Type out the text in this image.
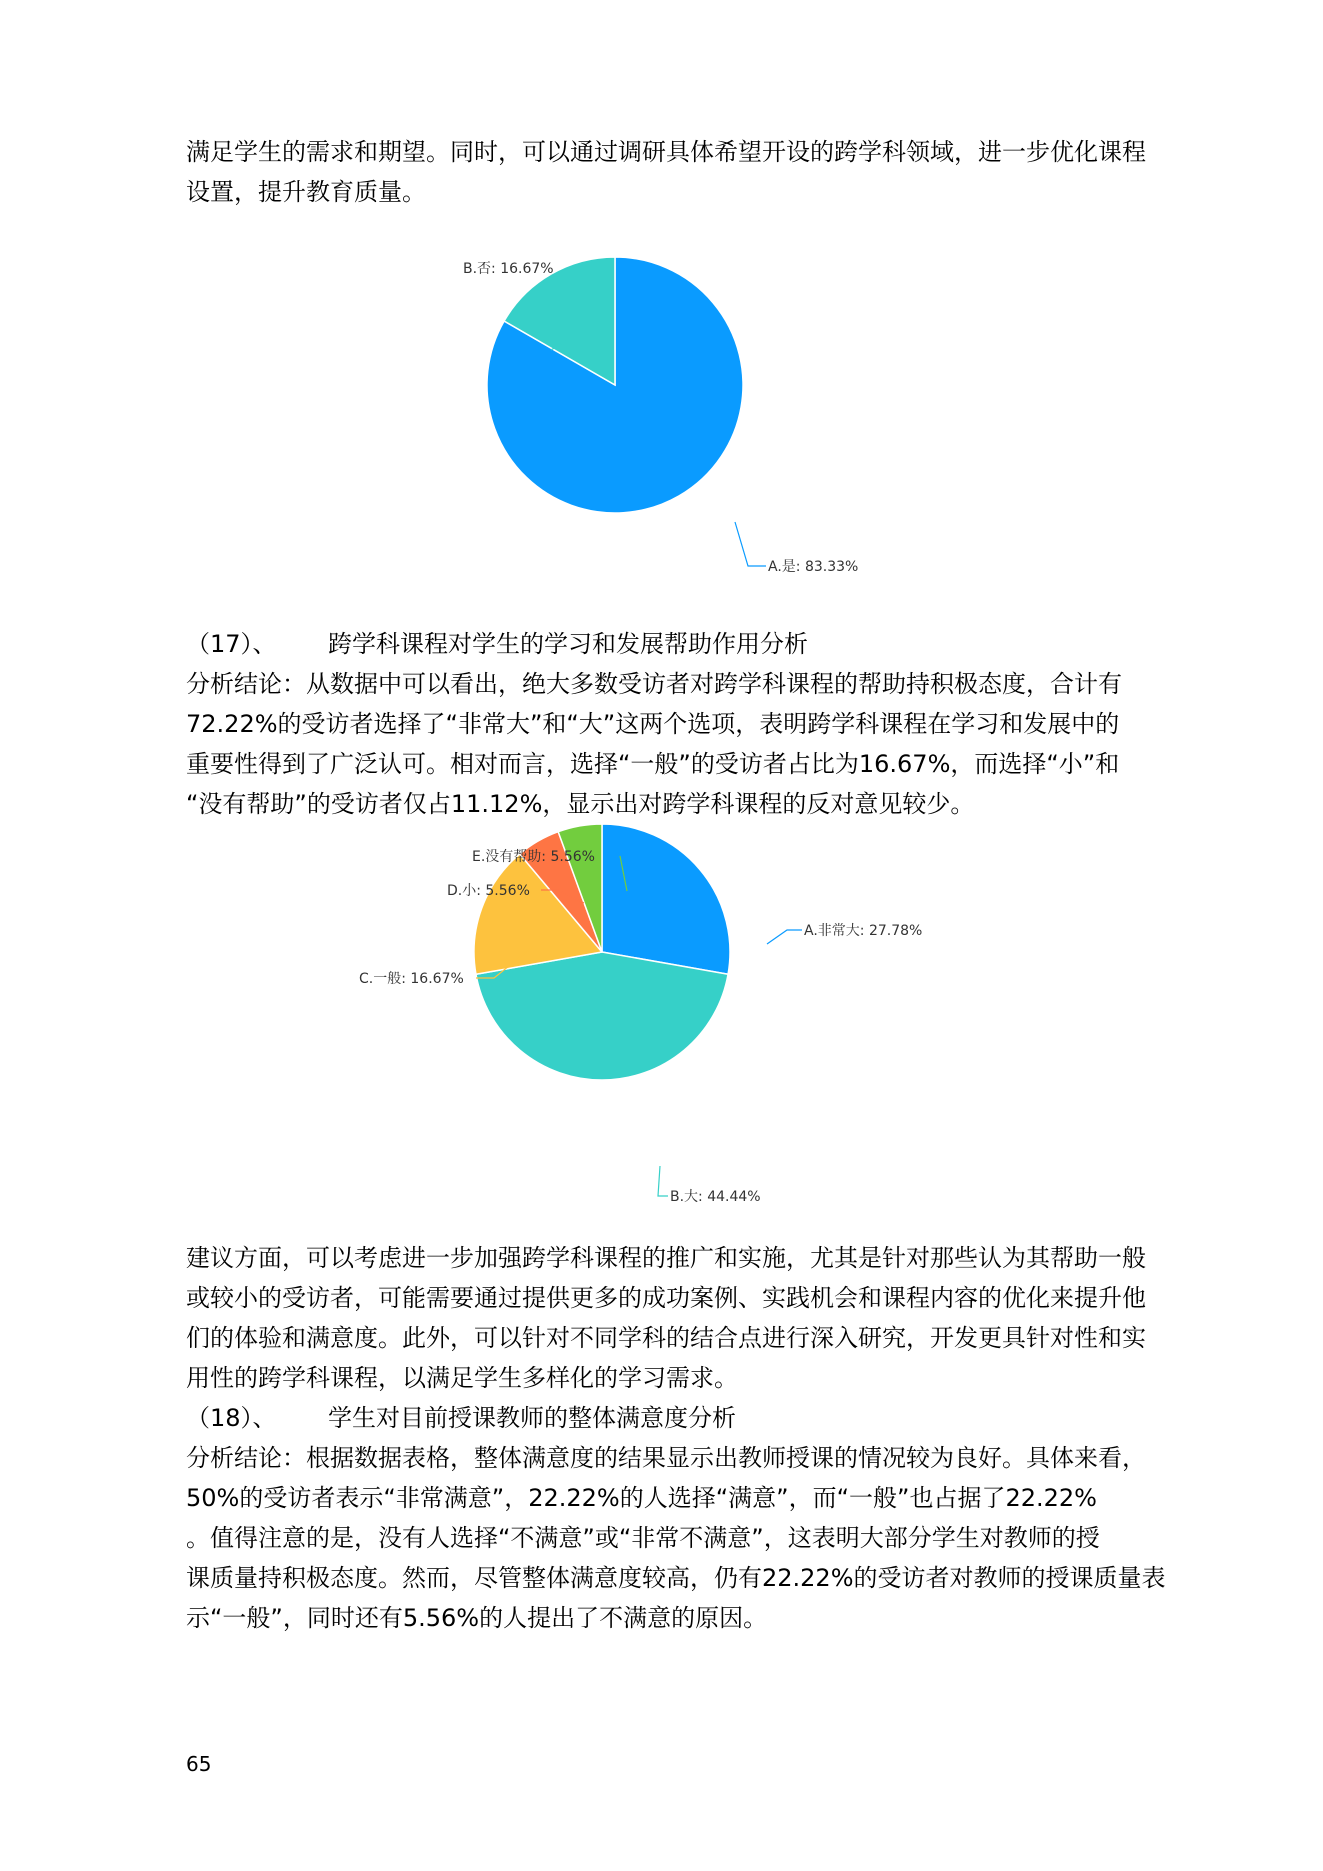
满足学生的需求和期望。同时，可以通过调研具体希望开设的跨学科领域，进一步优化课程
设置，提升教育质量。
B.否: 16.67%
A.是: 83.33%
（17）、 跨学科课程对学生的学习和发展帮助作用分析
分析结论：从数据中可以看出，绝大多数受访者对跨学科课程的帮助持积极态度，合计有
72.22%的受访者选择了“非常大”和“大”这两个选项，表明跨学科课程在学习和发展中的
重要性得到了广泛认可。相对而言，选择“一般”的受访者占比为16.67%，而选择“小”和
“没有帮助”的受访者仅占11.12%，显示出对跨学科课程的反对意见较少。
A.非常大: 27.78%
B.大: 44.44%
C.一般: 16.67%
D.小: 5.56%
E.没有帮助: 5.56%
建议方面，可以考虑进一步加强跨学科课程的推广和实施，尤其是针对那些认为其帮助一般
或较小的受访者，可能需要通过提供更多的成功案例、实践机会和课程内容的优化来提升他
们的体验和满意度。此外，可以针对不同学科的结合点进行深入研究，开发更具针对性和实
用性的跨学科课程，以满足学生多样化的学习需求。
（18）、 学生对目前授课教师的整体满意度分析
分析结论：根据数据表格，整体满意度的结果显示出教师授课的情况较为良好。具体来看，
50%的受访者表示“非常满意”，22.22%的人选择“满意”，而“一般”也占据了22.22%
。值得注意的是，没有人选择“不满意”或“非常不满意”，这表明大部分学生对教师的授
课质量持积极态度。然而，尽管整体满意度较高，仍有22.22%的受访者对教师的授课质量表
示“一般”，同时还有5.56%的人提出了不满意的原因。
65
